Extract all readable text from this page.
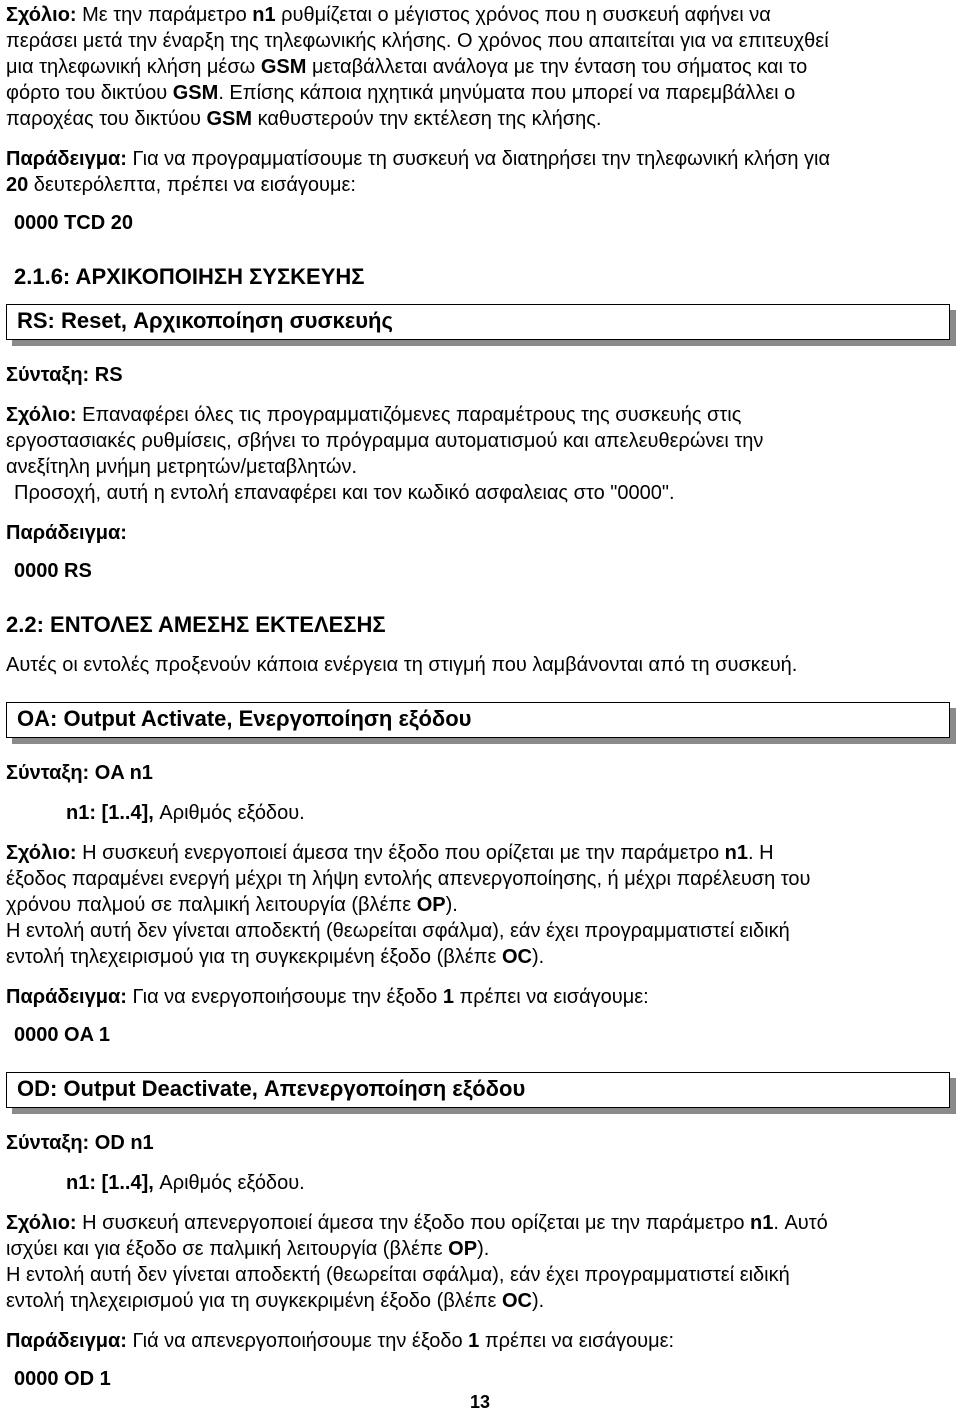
Σχόλιο: Με την παράμετρο n1 ρυθμίζεται ο μέγιστος χρόνος που η συσκευή αφήνει να
περάσει μετά την έναρξη της τηλεφωνικής κλήσης. Ο χρόνος που απαιτείται για να επιτευχθεί
μια τηλεφωνική κλήση μέσω GSM μεταβάλλεται ανάλογα με την ένταση του σήματος και το
φόρτο του δικτύου GSM. Επίσης κάποια ηχητικά μηνύματα που μπορεί να παρεμβάλλει ο
παροχέας του δικτύου GSM καθυστερούν την εκτέλεση της κλήσης.
Παράδειγμα: Για να προγραμματίσουμε τη συσκευή να διατηρήσει την τηλεφωνική κλήση για
20 δευτερόλεπτα, πρέπει να εισάγουμε:
0000 TCD 20
2.1.6: ΑΡΧΙΚΟΠΟΙΗΣΗ ΣΥΣΚΕΥΗΣ
RS: Reset, Αρχικοποίηση συσκευής
Σύνταξη: RS
Σχόλιο: Επαναφέρει όλες τις προγραμματιζόμενες παραμέτρους της συσκευής στις
εργοστασιακές ρυθμίσεις, σβήνει το πρόγραμμα αυτοματισμού και απελευθερώνει την
ανεξίτηλη μνήμη μετρητών/μεταβλητών.
Προσοχή, αυτή η εντολή επαναφέρει και τον κωδικό ασφαλειας στο "0000".
Παράδειγμα:
0000 RS
2.2: ΕΝΤΟΛΕΣ ΑΜΕΣΗΣ ΕΚΤΕΛΕΣΗΣ
Αυτές οι εντολές προξενούν κάποια ενέργεια τη στιγμή που λαμβάνονται από τη συσκευή.
OA: Output Activate, Ενεργοποίηση εξόδου
Σύνταξη: OA n1
n1: [1..4], Αριθμός εξόδου.
Σχόλιο: Η συσκευή ενεργοποιεί άμεσα την έξοδο που ορίζεται με την παράμετρο n1. Η
έξοδος παραμένει ενεργή μέχρι τη λήψη εντολής απενεργοποίησης, ή μέχρι παρέλευση του
χρόνου παλμού σε παλμική λειτουργία (βλέπε OP).
Η εντολή αυτή δεν γίνεται αποδεκτή (θεωρείται σφάλμα), εάν έχει προγραμματιστεί ειδική
εντολή τηλεχειρισμού για τη συγκεκριμένη έξοδο (βλέπε OC).
Παράδειγμα: Για να ενεργοποιήσουμε την έξοδο 1 πρέπει να εισάγουμε:
0000 OA 1
OD: Output Deactivate, Απενεργοποίηση εξόδου
Σύνταξη: OD n1
n1: [1..4], Αριθμός εξόδου.
Σχόλιο: Η συσκευή απενεργοποιεί άμεσα την έξοδο που ορίζεται με την παράμετρο n1. Αυτό
ισχύει και για έξοδο σε παλμική λειτουργία (βλέπε OP).
Η εντολή αυτή δεν γίνεται αποδεκτή (θεωρείται σφάλμα), εάν έχει προγραμματιστεί ειδική
εντολή τηλεχειρισμού για τη συγκεκριμένη έξοδο (βλέπε OC).
Παράδειγμα: Γιά να απενεργοποιήσουμε την έξοδο 1 πρέπει να εισάγουμε:
0000 OD 1
13
